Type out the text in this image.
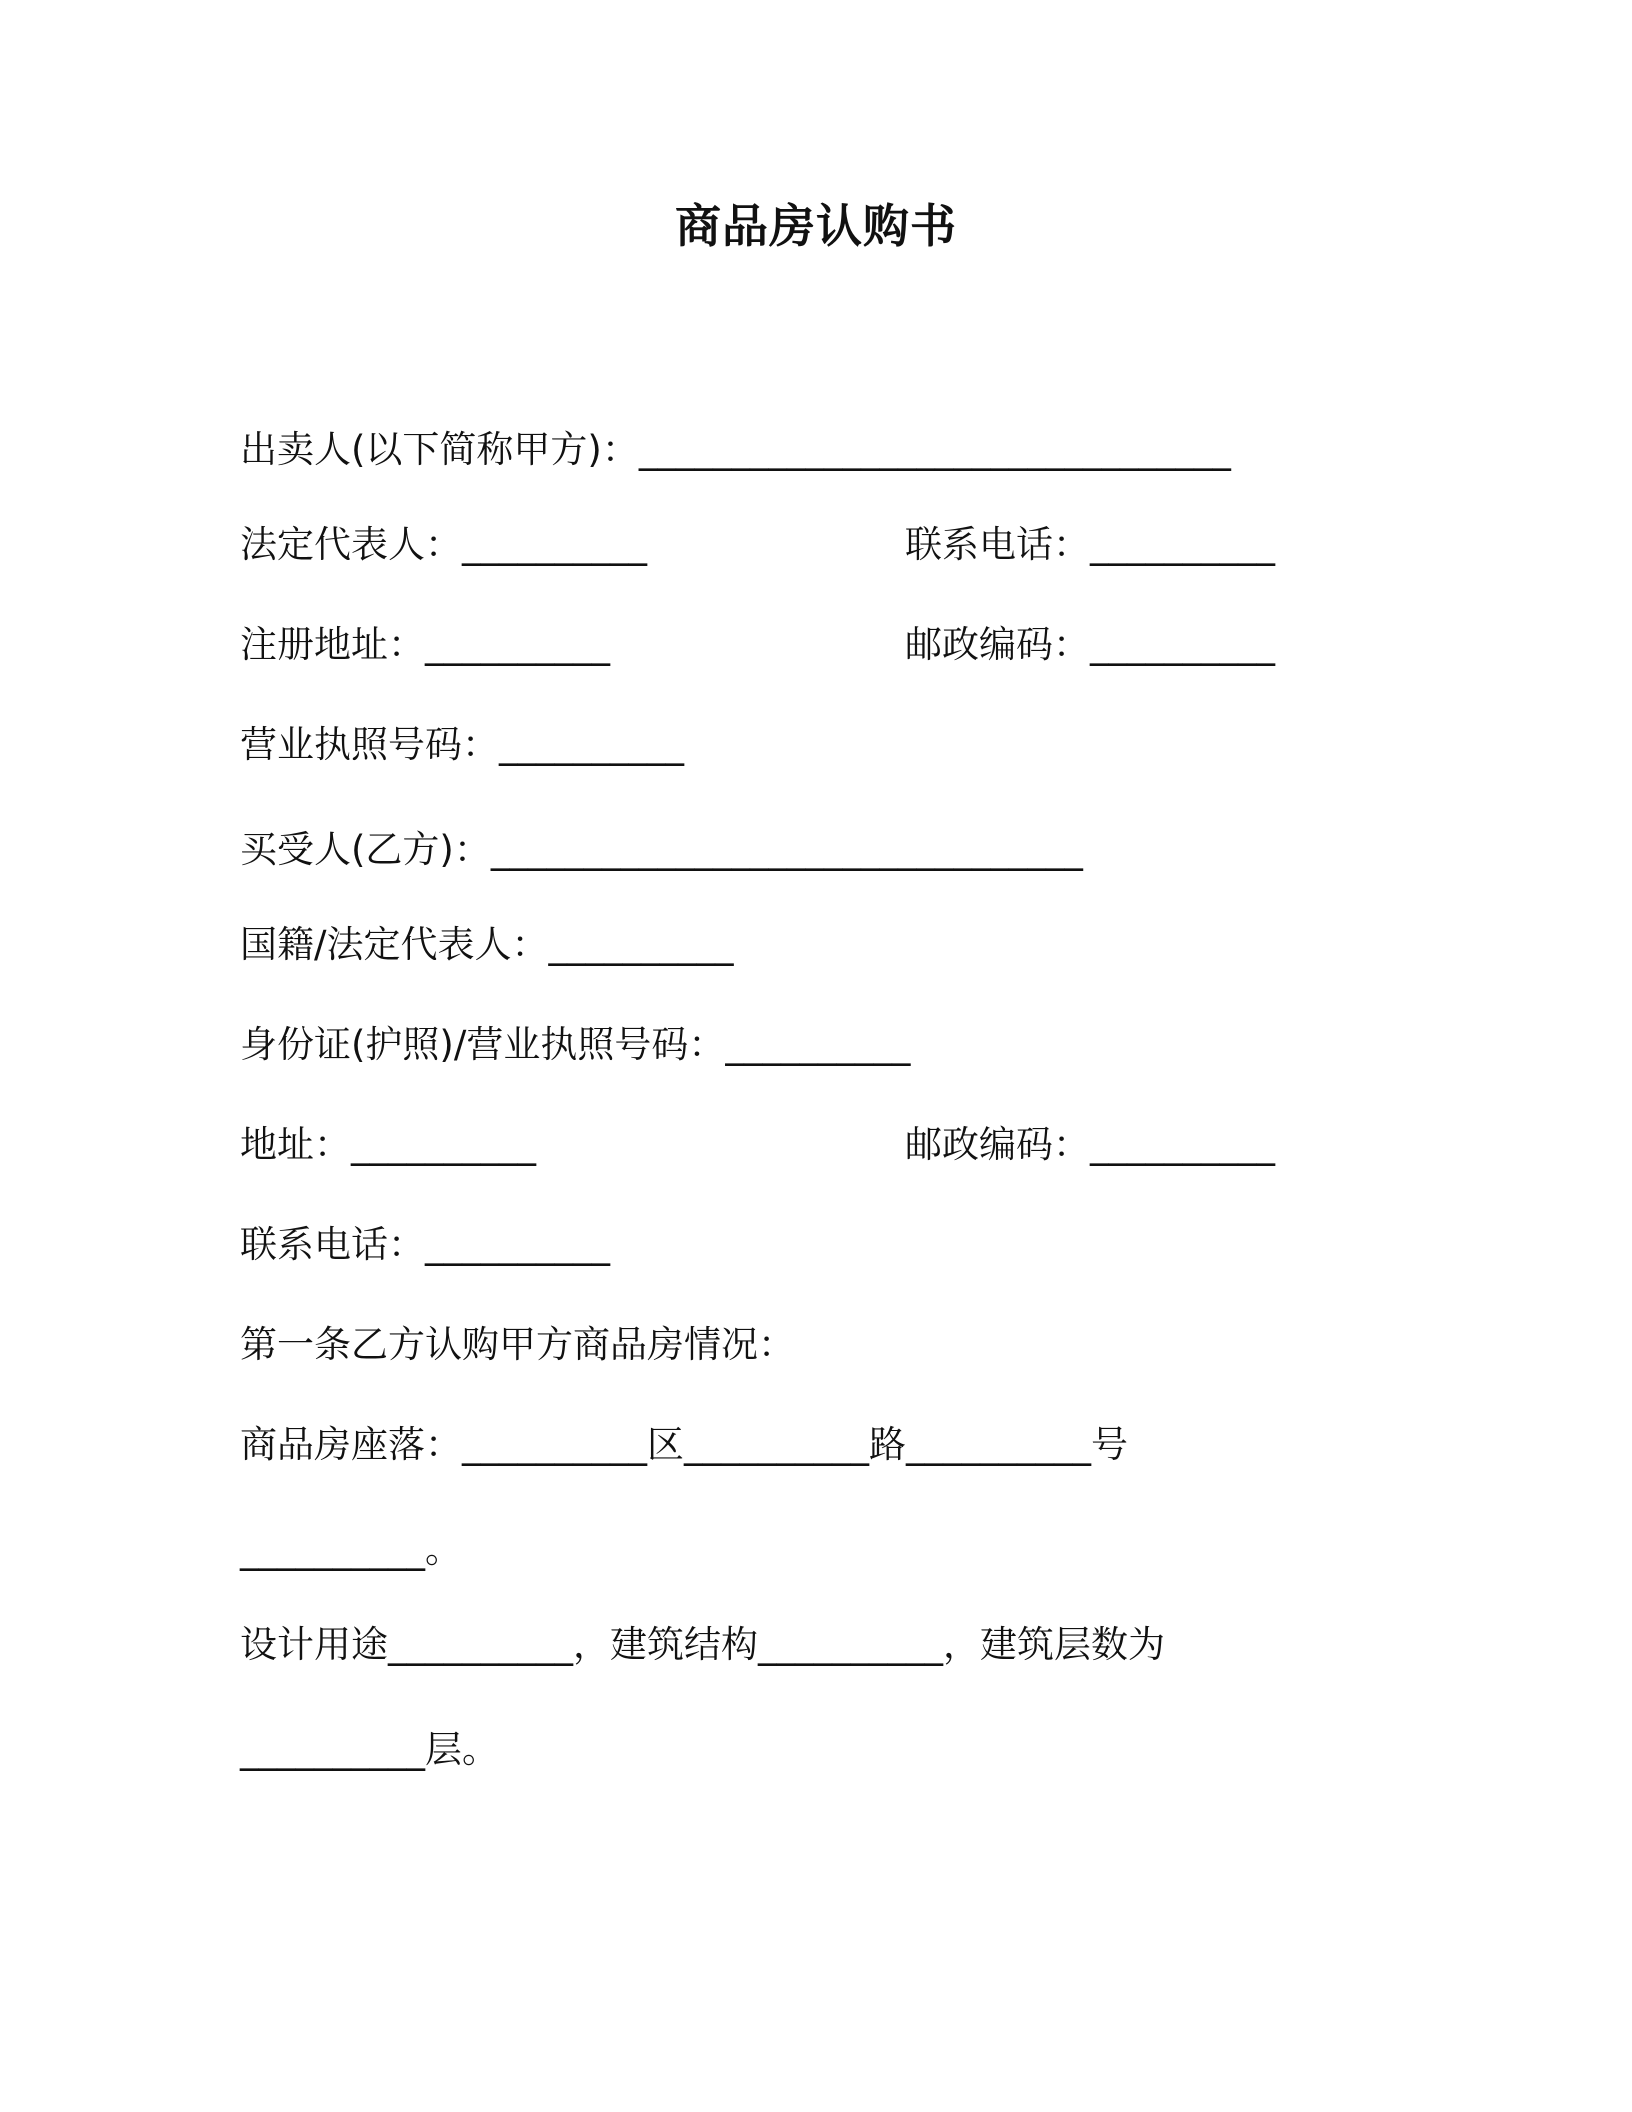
商品房认购书
出卖人(以下简称甲方)：________________________________
法定代表人：__________	联系电话：__________
注册地址：__________	邮政编码：__________
营业执照号码：__________
买受人(乙方)：________________________________
国籍/法定代表人：__________
身份证(护照)/营业执照号码：__________
地址：__________	邮政编码：__________
联系电话：__________
第一条乙方认购甲方商品房情况：
商品房座落：__________区__________路__________号
__________。
设计用途__________，建筑结构__________，建筑层数为
__________层。
